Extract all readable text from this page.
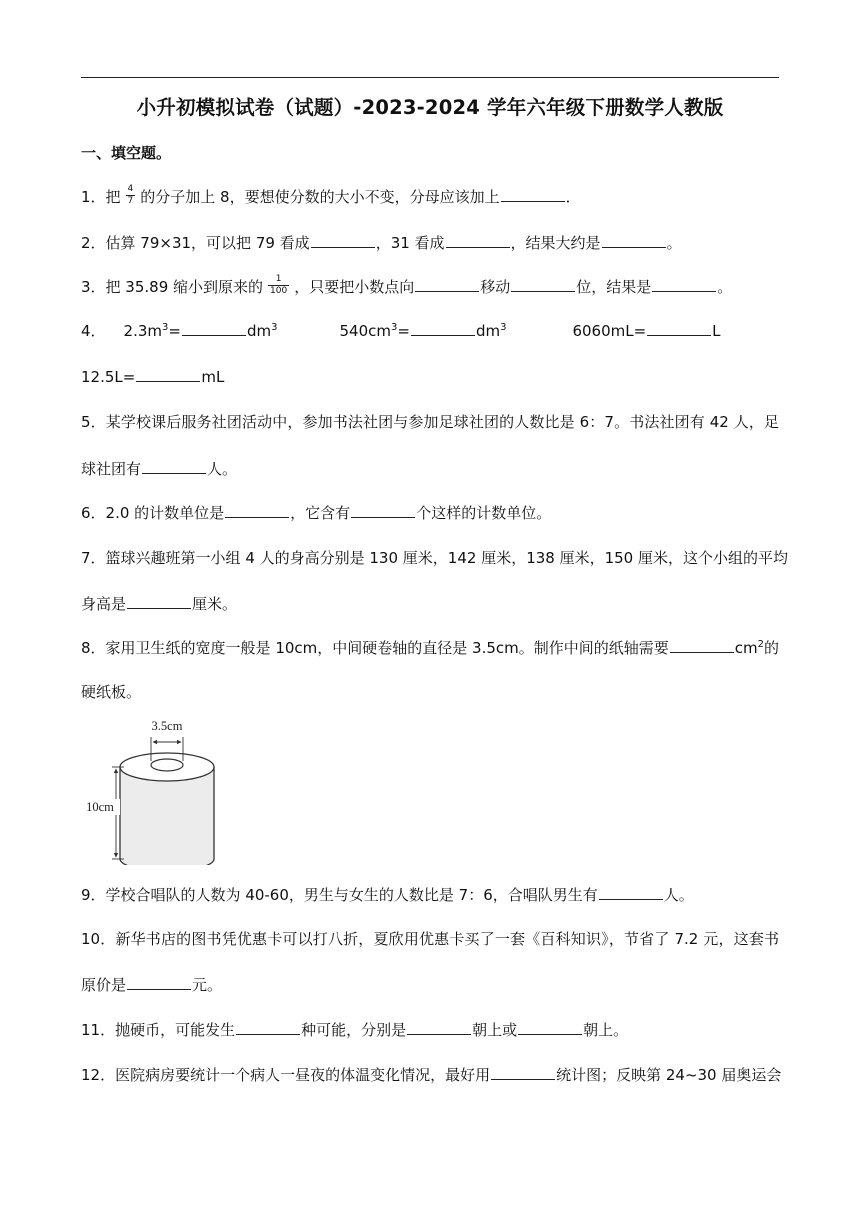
小升初模拟试卷（试题）-2023-2024 学年六年级下册数学人教版
一、填空题。
1．把 $\frac{4}{7}$ 的分子加上 8，要想使分数的大小不变，分母应该加上	．
2．估算 79×31，可以把 79 看成	，31 看成	，结果大约是	。
3．把 35.89 缩小到原来的 $\frac{1}{100}$ ，只要把小数点向	移动	位，结果是	。
4． $2.3m^3=$	$dm^3$	$540cm^3=$	$dm^3$	6060mL=	L
12.5L=	mL
5．某学校课后服务社团活动中，参加书法社团与参加足球社团的人数比是 6：7。书法社团有 42 人，足
球社团有	人。
6．2.0 的计数单位是	，它含有	个这样的计数单位。
7．篮球兴趣班第一小组 4 人的身高分别是 130 厘米，142 厘米，138 厘米，150 厘米，这个小组的平均
身高是	厘米。
8．家用卫生纸的宽度一般是 10cm，中间硬卷轴的直径是 3.5cm。制作中间的纸轴需要	$cm^2$的
硬纸板。
3.5cm
10cm
9．学校合唱队的人数为 40-60，男生与女生的人数比是 7：6，合唱队男生有	人。
10．新华书店的图书凭优惠卡可以打八折，夏欣用优惠卡买了一套《百科知识》，节省了 7.2 元，这套书
原价是	元。
11．抛硬币，可能发生	种可能，分别是	朝上或	朝上。
12．医院病房要统计一个病人一昼夜的体温变化情况，最好用	统计图；反映第 24~30 届奥运会
